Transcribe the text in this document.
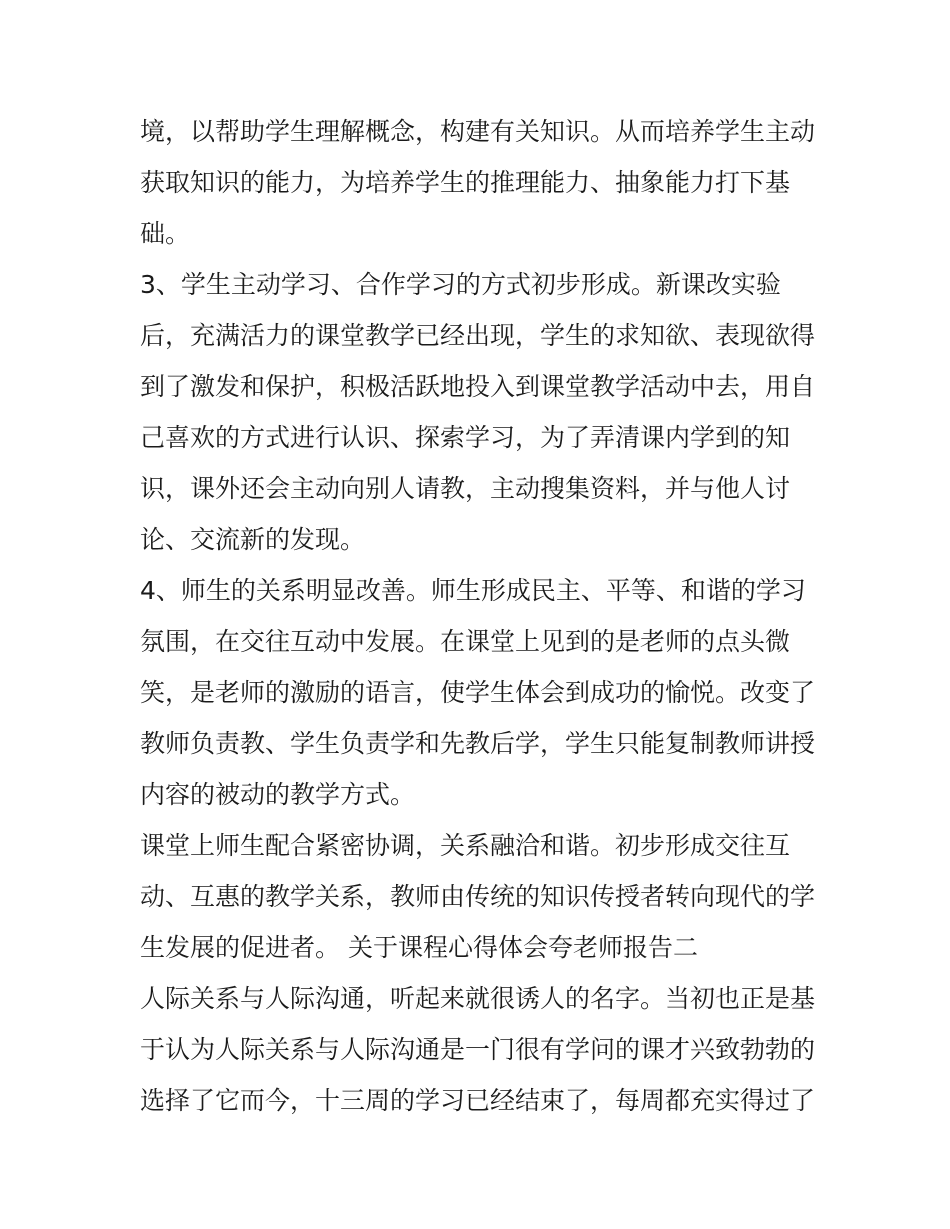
境，以帮助学生理解概念，构建有关知识。从而培养学生主动
获取知识的能力，为培养学生的推理能力、抽象能力打下基
础。
3、学生主动学习、合作学习的方式初步形成。新课改实验
后，充满活力的课堂教学已经出现，学生的求知欲、表现欲得
到了激发和保护，积极活跃地投入到课堂教学活动中去，用自
己喜欢的方式进行认识、探索学习，为了弄清课内学到的知
识，课外还会主动向别人请教，主动搜集资料，并与他人讨
论、交流新的发现。
4、师生的关系明显改善。师生形成民主、平等、和谐的学习
氛围，在交往互动中发展。在课堂上见到的是老师的点头微
笑，是老师的激励的语言，使学生体会到成功的愉悦。改变了
教师负责教、学生负责学和先教后学，学生只能复制教师讲授
内容的被动的教学方式。
课堂上师生配合紧密协调，关系融洽和谐。初步形成交往互
动、互惠的教学关系，教师由传统的知识传授者转向现代的学
生发展的促进者。 关于课程心得体会夸老师报告二
人际关系与人际沟通，听起来就很诱人的名字。当初也正是基
于认为人际关系与人际沟通是一门很有学问的课才兴致勃勃的
选择了它而今，十三周的学习已经结束了，每周都充实得过了
